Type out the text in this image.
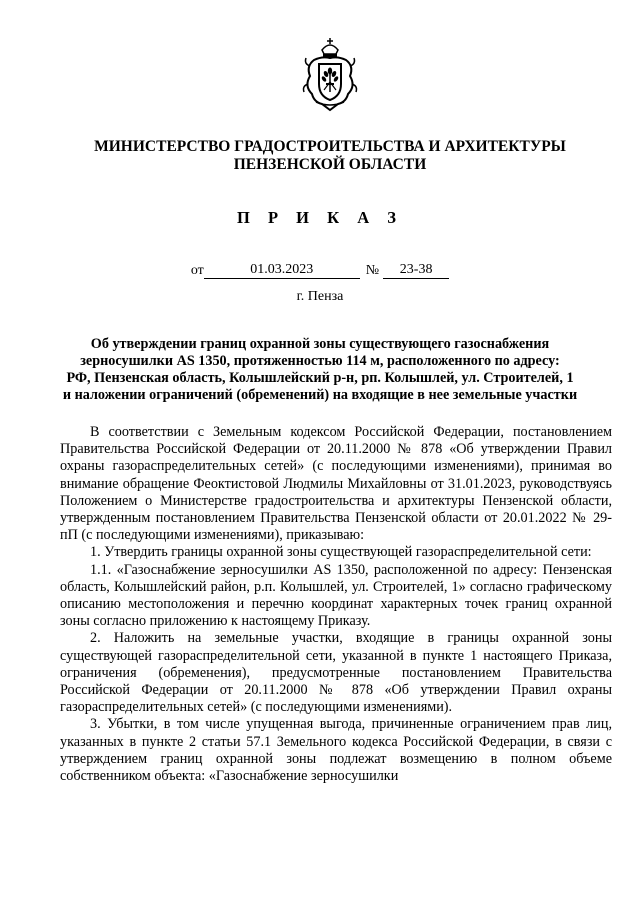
МИНИСТЕРСТВО ГРАДОСТРОИТЕЛЬСТВА И АРХИТЕКТУРЫ
ПЕНЗЕНСКОЙ ОБЛАСТИ
П Р И К А З
от	01.03.2023	№	23-38
г. Пенза
Об утверждении границ охранной зоны существующего газоснабжения
зерносушилки AS 1350, протяженностью 114 м, расположенного по адресу:
РФ, Пензенская область, Колышлейский р-н, рп. Колышлей, ул. Строителей, 1
и наложении ограничений (обременений) на входящие в нее земельные участки

В соответствии с Земельным кодексом Российской Федерации, постановлением Правительства Российской Федерации от 20.11.2000 № 878 «Об утверждении Правил охраны газораспределительных сетей» (с последующими изменениями), принимая во внимание обращение Феоктистовой Людмилы Михайловны от 31.01.2023, руководствуясь Положением о Министерстве градостроительства и архитектуры Пензенской области, утвержденным постановлением Правительства Пензенской области от 20.01.2022 № 29-пП (с последующими изменениями), приказываю:

1. Утвердить границы охранной зоны существующей газораспределительной сети:

1.1. «Газоснабжение зерносушилки AS 1350, расположенной по адресу: Пензенская область, Колышлейский район, р.п. Колышлей, ул. Строителей, 1» согласно графическому описанию местоположения и перечню координат характерных точек границ охранной зоны согласно приложению к настоящему Приказу.

2. Наложить на земельные участки, входящие в границы охранной зоны существующей газораспределительной сети, указанной в пункте 1 настоящего Приказа, ограничения (обременения), предусмотренные постановлением Правительства Российской Федерации от 20.11.2000 № 878 «Об утверждении Правил охраны газораспределительных сетей» (с последующими изменениями).

3. Убытки, в том числе упущенная выгода, причиненные ограничением прав лиц, указанных в пункте 2 статьи 57.1 Земельного кодекса Российской Федерации, в связи с утверждением границ охранной зоны подлежат возмещению в полном объеме собственником объекта: «Газоснабжение зерносушилки
